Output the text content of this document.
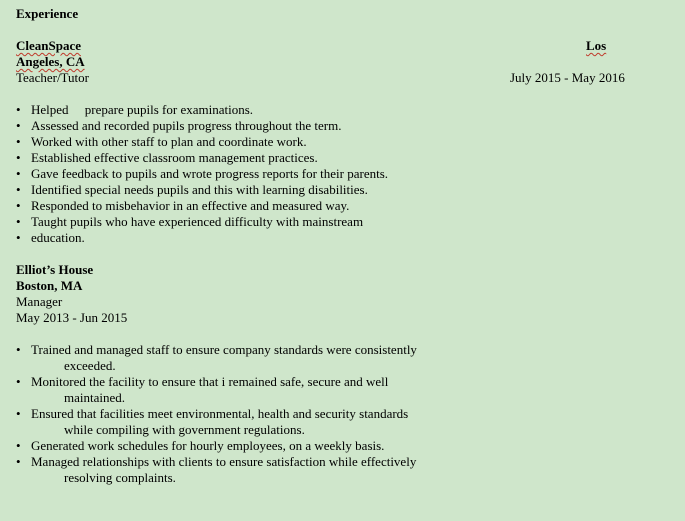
Experience
CleanSpace	Los
Angeles, CA
Teacher/Tutor	July 2015 - May 2016
• Helped     prepare pupils for examinations.
• Assessed and recorded pupils progress throughout the term.
• Worked with other staff to plan and coordinate work.
• Established effective classroom management practices.
• Gave feedback to pupils and wrote progress reports for their parents.
• Identified special needs pupils and this with learning disabilities.
• Responded to misbehavior in an effective and measured way.
• Taught pupils who have experienced difficulty with mainstream
• education.
Elliot’s House
Boston, MA
Manager
May 2013 - Jun 2015
• Trained and managed staff to ensure company standards were consistently
exceeded.
• Monitored the facility to ensure that i remained safe, secure and well
maintained.
• Ensured that facilities meet environmental, health and security standards
while compiling with government regulations.
• Generated work schedules for hourly employees, on a weekly basis.
• Managed relationships with clients to ensure satisfaction while effectively
resolving complaints.
